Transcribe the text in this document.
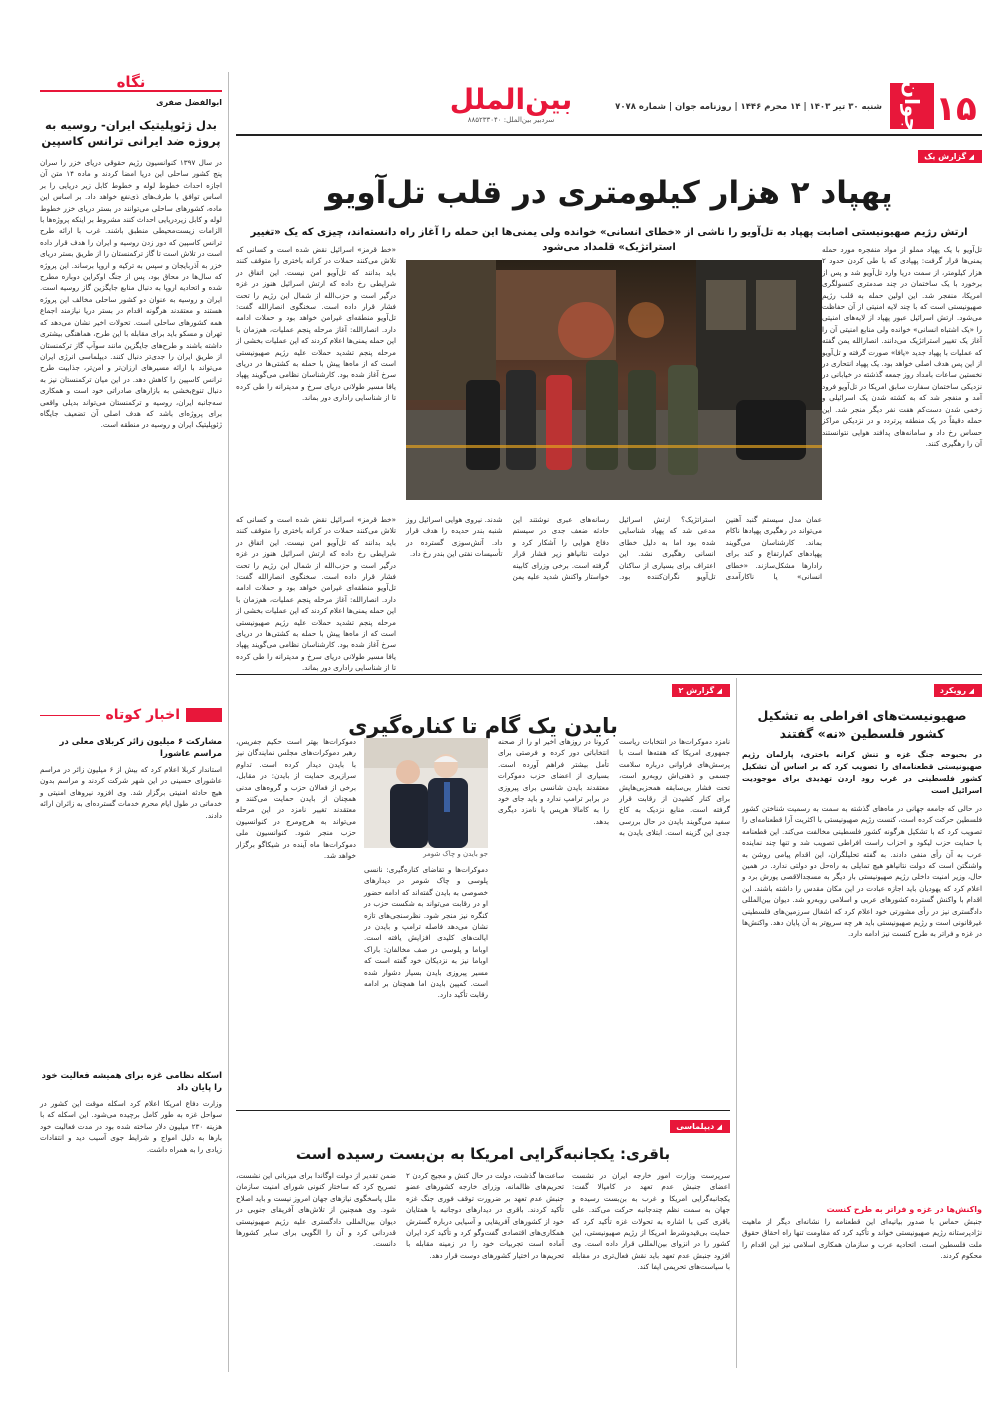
۱۵
جوان
شنبه ۳۰ تیر ۱۴۰۳ | ۱۴ محرم ۱۴۴۶ | روزنامه جوان | شماره ۷۰۷۸
بین‌الملل
سردبیر بین‌الملل: ۸۸۵۲۳۳۰۴۰
نگاه
ابوالفضل صفری
بدل ژئوپلیتیک ایران- روسیه به پروژه ضد ایرانی ترانس کاسپین
در سال ۱۳۹۷ کنوانسیون رژیم حقوقی دریای خزر را سران پنج کشور ساحلی این دریا امضا کردند و ماده ۱۴ متن آن اجازه احداث خطوط لوله و خطوط کابل زیر دریایی را بر اساس توافق با طرف‌های ذی‌نفع خواهد داد. بر اساس این ماده، کشورهای ساحلی می‌توانند در بستر دریای خزر خطوط لوله و کابل زیردریایی احداث کنند مشروط بر اینکه پروژه‌ها با الزامات زیست‌محیطی منطبق باشند. غرب با ارائه طرح ترانس کاسپین که دور زدن روسیه و ایران را هدف قرار داده است در تلاش است تا گاز ترکمنستان را از طریق بستر دریای خزر به آذربایجان و سپس به ترکیه و اروپا برساند. این پروژه که سال‌ها در محاق بود، پس از جنگ اوکراین دوباره مطرح شده و اتحادیه اروپا به دنبال منابع جایگزین گاز روسیه است. ایران و روسیه به عنوان دو کشور ساحلی مخالف این پروژه هستند و معتقدند هرگونه اقدام در بستر دریا نیازمند اجماع همه کشورهای ساحلی است. تحولات اخیر نشان می‌دهد که تهران و مسکو باید برای مقابله با این طرح، هماهنگی بیشتری داشته باشند و طرح‌های جایگزین مانند سوآپ گاز ترکمنستان از طریق ایران را جدی‌تر دنبال کنند. دیپلماسی انرژی ایران می‌تواند با ارائه مسیرهای ارزان‌تر و امن‌تر، جذابیت طرح ترانس کاسپین را کاهش دهد. در این میان ترکمنستان نیز به دنبال تنوع‌بخشی به بازارهای صادراتی خود است و همکاری سه‌جانبه ایران، روسیه و ترکمنستان می‌تواند بدیلی واقعی برای پروژه‌ای باشد که هدف اصلی آن تضعیف جایگاه ژئوپلیتیک ایران و روسیه در منطقه است.
اخبار کوتاه
مشارکت ۶ میلیون زائر کربلای معلی در مراسم عاشورا
استاندار کربلا اعلام کرد که بیش از ۶ میلیون زائر در مراسم عاشورای حسینی در این شهر شرکت کردند و مراسم بدون هیچ حادثه امنیتی برگزار شد. وی افزود نیروهای امنیتی و خدماتی در طول ایام محرم خدمات گسترده‌ای به زائران ارائه دادند.
اسکله نظامی غزه برای همیشه فعالیت خود را پایان داد
وزارت دفاع امریکا اعلام کرد اسکله موقت این کشور در سواحل غزه به طور کامل برچیده می‌شود. این اسکله که با هزینه ۲۳۰ میلیون دلار ساخته شده بود در مدت فعالیت خود بارها به دلیل امواج و شرایط جوی آسیب دید و انتقادات زیادی را به همراه داشت.
◢ گزارش یک
پهپاد ۲ هزار کیلومتری در قلب تل‌آویو
ارتش رژیم صهیونیستی اصابت پهپاد به تل‌آویو را ناشی از «خطای انسانی» خوانده ولی یمنی‌ها این حمله را آغاز راه دانسته‌اند، چیزی که یک «تغییر استراتژیک» قلمداد می‌شود	تل‌آویو با یک پهپاد مملو از مواد منفجره مورد حمله یمنی‌ها قرار گرفت: پهپادی که با طی کردن حدود ۲ هزار کیلومتر، از سمت دریا وارد تل‌آویو شد و پس از برخورد با یک ساختمان در چند صدمتری کنسولگری امریکا، منفجر شد. این اولین حمله به قلب رژیم صهیونیستی است که با چند لایه امنیتی از آن حفاظت می‌شود. ارتش اسرائیل عبور پهپاد از لایه‌های امنیتی را «یک اشتباه انسانی» خوانده ولی منابع امنیتی آن را آغاز یک تغییر استراتژیک می‌دانند. انصارالله یمن گفته که عملیات با پهپاد جدید «یافا» صورت گرفته و تل‌آویو از این پس هدف اصلی خواهد بود. یک پهپاد انتحاری در نخستین ساعات بامداد روز جمعه گذشته در خیابانی در نزدیکی ساختمان سفارت سابق امریکا در تل‌آویو فرود آمد و منفجر شد که به کشته شدن یک اسرائیلی و زخمی شدن دست‌کم هفت نفر دیگر منجر شد. این حمله دقیقاً در یک منطقه پرتردد و در نزدیکی مراکز حساس رخ داد و سامانه‌های پدافند هوایی نتوانستند آن را رهگیری کنند.
«خط قرمز» اسرائیل نقض شده است و کسانی که تلاش می‌کنند حملات در کرانه باختری را متوقف کنند باید بدانند که تل‌آویو امن نیست. این اتفاق در شرایطی رخ داده که ارتش اسرائیل هنوز در غزه درگیر است و حزب‌الله از شمال این رژیم را تحت فشار قرار داده است. سخنگوی انصارالله گفت: تل‌آویو منطقه‌ای غیرامن خواهد بود و حملات ادامه دارد. انصارالله: آغاز مرحله پنجم عملیات، هم‌زمان با این حمله یمنی‌ها اعلام کردند که این عملیات بخشی از مرحله پنجم تشدید حملات علیه رژیم صهیونیستی است که از ماه‌ها پیش با حمله به کشتی‌ها در دریای سرخ آغاز شده بود. کارشناسان نظامی می‌گویند پهپاد یافا مسیر طولانی دریای سرخ و مدیترانه را طی کرده تا از شناسایی راداری دور بماند.
عمان مدل سیستم گنبد آهنین می‌تواند در رهگیری پهپادها ناکام بماند. کارشناسان می‌گویند پهپادهای کم‌ارتفاع و کند برای رادارها مشکل‌سازند. «خطای انسانی» یا ناکارآمدی استراتژیک؟ ارتش اسرائیل مدعی شد که پهپاد شناسایی شده بود اما به دلیل خطای انسانی رهگیری نشد. این اعتراف برای بسیاری از ساکنان تل‌آویو نگران‌کننده بود. رسانه‌های عبری نوشتند این حادثه ضعف جدی در سیستم دفاع هوایی را آشکار کرد و دولت نتانیاهو زیر فشار قرار گرفته است. برخی وزرای کابینه خواستار واکنش شدید علیه یمن شدند. نیروی هوایی اسرائیل روز شنبه بندر حدیده را هدف قرار داد. آتش‌سوزی گسترده در تأسیسات نفتی این بندر رخ داد.
«خط قرمز» اسرائیل نقض شده است و کسانی که تلاش می‌کنند حملات در کرانه باختری را متوقف کنند باید بدانند که تل‌آویو امن نیست. این اتفاق در شرایطی رخ داده که ارتش اسرائیل هنوز در غزه درگیر است و حزب‌الله از شمال این رژیم را تحت فشار قرار داده است. سخنگوی انصارالله گفت: تل‌آویو منطقه‌ای غیرامن خواهد بود و حملات ادامه دارد. انصارالله: آغاز مرحله پنجم عملیات، هم‌زمان با این حمله یمنی‌ها اعلام کردند که این عملیات بخشی از مرحله پنجم تشدید حملات علیه رژیم صهیونیستی است که از ماه‌ها پیش با حمله به کشتی‌ها در دریای سرخ آغاز شده بود. کارشناسان نظامی می‌گویند پهپاد یافا مسیر طولانی دریای سرخ و مدیترانه را طی کرده تا از شناسایی راداری دور بماند.
◢ رویکرد
صهیونیست‌های افراطی به تشکیل کشور فلسطین «نه» گفتند
در بحبوحه جنگ غزه و تنش کرانه باختری، پارلمان رژیم صهیونیستی قطعنامه‌ای را تصویب کرد که بر اساس آن تشکیل کشور فلسطینی در غرب رود اردن تهدیدی برای موجودیت اسرائیل است
در حالی که جامعه جهانی در ماه‌های گذشته به سمت به رسمیت شناختن کشور فلسطین حرکت کرده است، کنست رژیم صهیونیستی با اکثریت آرا قطعنامه‌ای را تصویب کرد که با تشکیل هرگونه کشور فلسطینی مخالفت می‌کند. این قطعنامه با حمایت حزب لیکود و احزاب راست افراطی تصویب شد و تنها چند نماینده عرب به آن رأی منفی دادند. به گفته تحلیلگران، این اقدام پیامی روشن به واشنگتن است که دولت نتانیاهو هیچ تمایلی به راه‌حل دو دولتی ندارد. در همین حال، وزیر امنیت داخلی رژیم صهیونیستی بار دیگر به مسجدالاقصی یورش برد و اعلام کرد که یهودیان باید اجازه عبادت در این مکان مقدس را داشته باشند. این اقدام با واکنش گسترده کشورهای عربی و اسلامی روبه‌رو شد. دیوان بین‌المللی دادگستری نیز در رأی مشورتی خود اعلام کرد که اشغال سرزمین‌های فلسطینی غیرقانونی است و رژیم صهیونیستی باید هر چه سریع‌تر به آن پایان دهد. واکنش‌ها در غزه و فراتر به طرح کنست نیز ادامه دارد.
واکنش‌ها در غزه و فراتر به طرح کنست
جنبش حماس با صدور بیانیه‌ای این قطعنامه را نشانه‌ای دیگر از ماهیت نژادپرستانه رژیم صهیونیستی خواند و تأکید کرد که مقاومت تنها راه احقاق حقوق ملت فلسطین است. اتحادیه عرب و سازمان همکاری اسلامی نیز این اقدام را محکوم کردند.
◢ گزارش ۲
بایدن یک گام تا کناره‌گیری
جو بایدن و چاک شومر
نامزد دموکرات‌ها در انتخابات ریاست جمهوری امریکا که هفته‌ها است با پرسش‌های فراوانی درباره سلامت جسمی و ذهنی‌اش روبه‌رو است، تحت فشار بی‌سابقه همحزبی‌هایش برای کنار کشیدن از رقابت قرار گرفته است. منابع نزدیک به کاخ سفید می‌گویند بایدن در حال بررسی جدی این گزینه است. ابتلای بایدن به کرونا در روزهای اخیر او را از صحنه انتخاباتی دور کرده و فرصتی برای تأمل بیشتر فراهم آورده است. بسیاری از اعضای حزب دموکرات معتقدند بایدن شانسی برای پیروزی در برابر ترامپ ندارد و باید جای خود را به کامالا هریس یا نامزد دیگری بدهد.
دموکرات‌ها و تقاضای کناره‌گیری: نانسی پلوسی و چاک شومر در دیدارهای خصوصی به بایدن گفته‌اند که ادامه حضور او در رقابت می‌تواند به شکست حزب در کنگره نیز منجر شود. نظرسنجی‌های تازه نشان می‌دهد فاصله ترامپ و بایدن در ایالت‌های کلیدی افزایش یافته است. اوباما و پلوسی در صف مخالفان: باراک اوباما نیز به نزدیکان خود گفته است که مسیر پیروزی بایدن بسیار دشوار شده است. کمپین بایدن اما همچنان بر ادامه رقابت تأکید دارد.
دموکرات‌ها بهتر است حکیم جفریس، رهبر دموکرات‌های مجلس نمایندگان نیز با بایدن دیدار کرده است. تداوم سرازیری حمایت از بایدن: در مقابل، برخی از فعالان حزب و گروه‌های مدنی همچنان از بایدن حمایت می‌کنند و معتقدند تغییر نامزد در این مرحله می‌تواند به هرج‌ومرج در کنوانسیون حزب منجر شود. کنوانسیون ملی دموکرات‌ها ماه آینده در شیکاگو برگزار خواهد شد.
◢ دیپلماسی
باقری: یکجانبه‌گرایی امریکا به بن‌بست رسیده است
سرپرست وزارت امور خارجه ایران در نشست اعضای جنبش عدم تعهد در کامپالا گفت: یکجانبه‌گرایی امریکا و غرب به بن‌بست رسیده و جهان به سمت نظم چندجانبه حرکت می‌کند. علی باقری کنی با اشاره به تحولات غزه تأکید کرد که حمایت بی‌قیدوشرط امریکا از رژیم صهیونیستی، این کشور را در انزوای بین‌المللی قرار داده است. وی افزود جنبش عدم تعهد باید نقش فعال‌تری در مقابله با سیاست‌های تحریمی ایفا کند.
ساعت‌ها گذشت، دولت در حال کنش و مجیج کردن ۲ تحریم‌های ظالمانه، وزرای خارجه کشورهای عضو جنبش عدم تعهد بر ضرورت توقف فوری جنگ غزه تأکید کردند. باقری در دیدارهای دوجانبه با همتایان خود از کشورهای آفریقایی و آسیایی درباره گسترش همکاری‌های اقتصادی گفت‌وگو کرد و تأکید کرد ایران آماده است تجربیات خود را در زمینه مقابله با تحریم‌ها در اختیار کشورهای دوست قرار دهد.
ضمن تقدیر از دولت اوگاندا برای میزبانی این نشست، تصریح کرد که ساختار کنونی شورای امنیت سازمان ملل پاسخگوی نیازهای جهان امروز نیست و باید اصلاح شود. وی همچنین از تلاش‌های آفریقای جنوبی در دیوان بین‌المللی دادگستری علیه رژیم صهیونیستی قدردانی کرد و آن را الگویی برای سایر کشورها دانست.
